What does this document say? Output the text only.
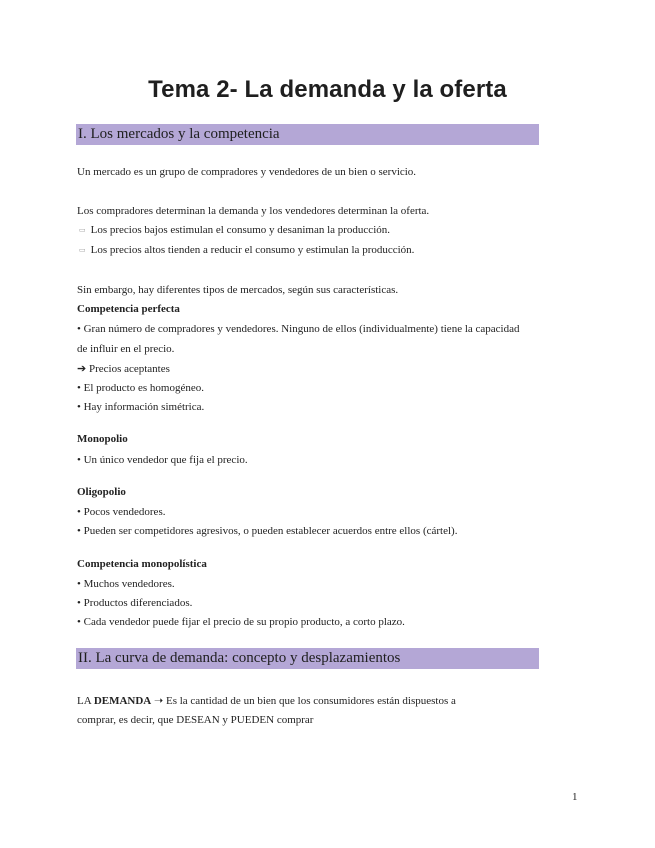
Tema 2- La demanda y la oferta
I. Los mercados y la competencia
Un mercado es un grupo de compradores y vendedores de un bien o servicio.
Los compradores determinan la demanda y los vendedores determinan la oferta.
▭ Los precios bajos estimulan el consumo y desaniman la producción.
▭ Los precios altos tienden a reducir el consumo y estimulan la producción.
Sin embargo, hay diferentes tipos de mercados, según sus características.
Competencia perfecta
• Gran número de compradores y vendedores. Ninguno de ellos (individualmente) tiene la capacidad
de influir en el precio.
➔ Precios aceptantes
• El producto es homogéneo.
• Hay información simétrica.
Monopolio
• Un único vendedor que fija el precio.
Oligopolio
• Pocos vendedores.
• Pueden ser competidores agresivos, o pueden establecer acuerdos entre ellos (cártel).
Competencia monopolística
• Muchos vendedores.
• Productos diferenciados.
• Cada vendedor puede fijar el precio de su propio producto, a corto plazo.
II. La curva de demanda: concepto y desplazamientos
LA DEMANDA ➝ Es la cantidad de un bien que los consumidores están dispuestos a
comprar, es decir, que DESEAN y PUEDEN comprar
1
